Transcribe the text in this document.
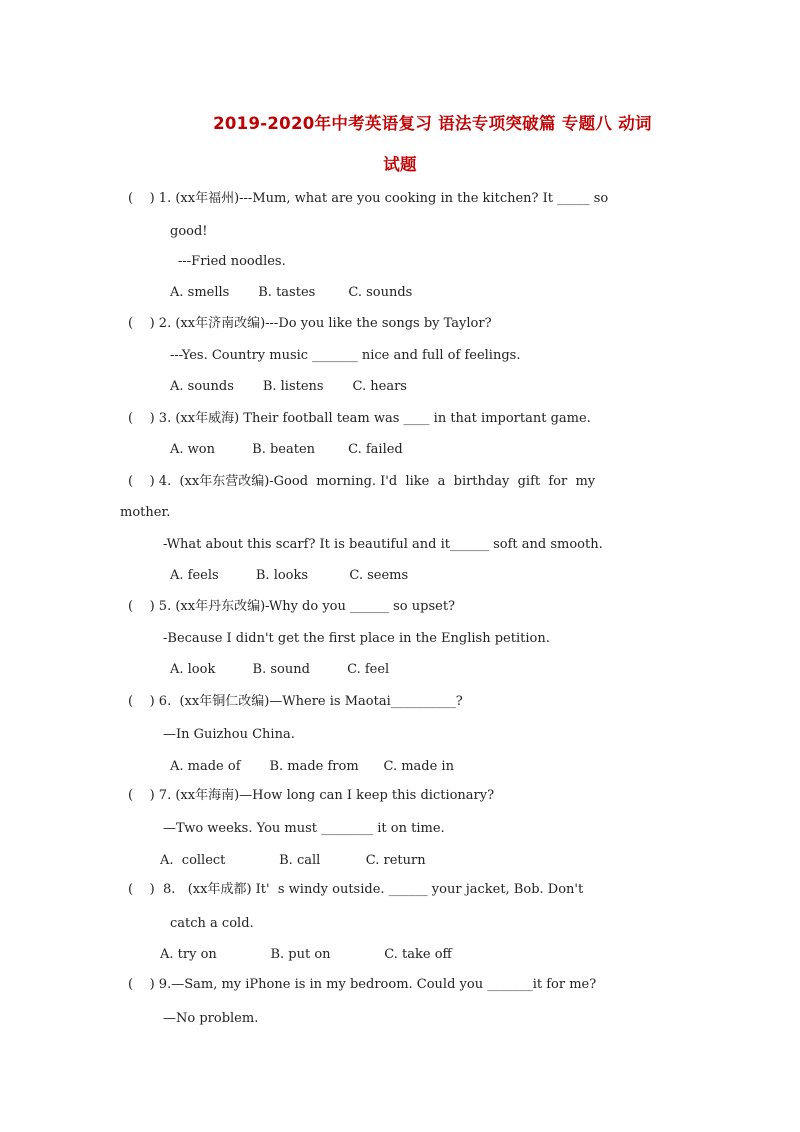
2019-2020年中考英语复习 语法专项突破篇 专题八 动词
试题
(    ) 1. (xx年福州)---Mum, what are you cooking in the kitchen? It _____ so
good!
---Fried noodles.
A. smells       B. tastes        C. sounds
(    ) 2. (xx年济南改编)---Do you like the songs by Taylor?
---Yes. Country music _______ nice and full of feelings.
A. sounds       B. listens       C. hears
(    ) 3. (xx年威海) Their football team was ____ in that important game.
A. won         B. beaten        C. failed
(    ) 4.  (xx年东营改编)-Good  morning. I'd  like  a  birthday  gift  for  my
mother.
-What about this scarf? It is beautiful and it______ soft and smooth.
A. feels         B. looks          C. seems
(    ) 5. (xx年丹东改编)-Why do you ______ so upset?
-Because I didn't get the first place in the English petition.
A. look         B. sound         C. feel
(    ) 6.  (xx年铜仁改编)—Where is Maotai__________?
—In Guizhou China.
A. made of       B. made from      C. made in
(    ) 7. (xx年海南)—How long can I keep this dictionary?
—Two weeks. You must ________ it on time.
A.  collect             B. call           C. return
(    )  8.   (xx年成都) It'  s windy outside. ______ your jacket, Bob. Don't
catch a cold.
A. try on             B. put on             C. take off
(    ) 9.—Sam, my iPhone is in my bedroom. Could you _______it for me?
—No problem.
